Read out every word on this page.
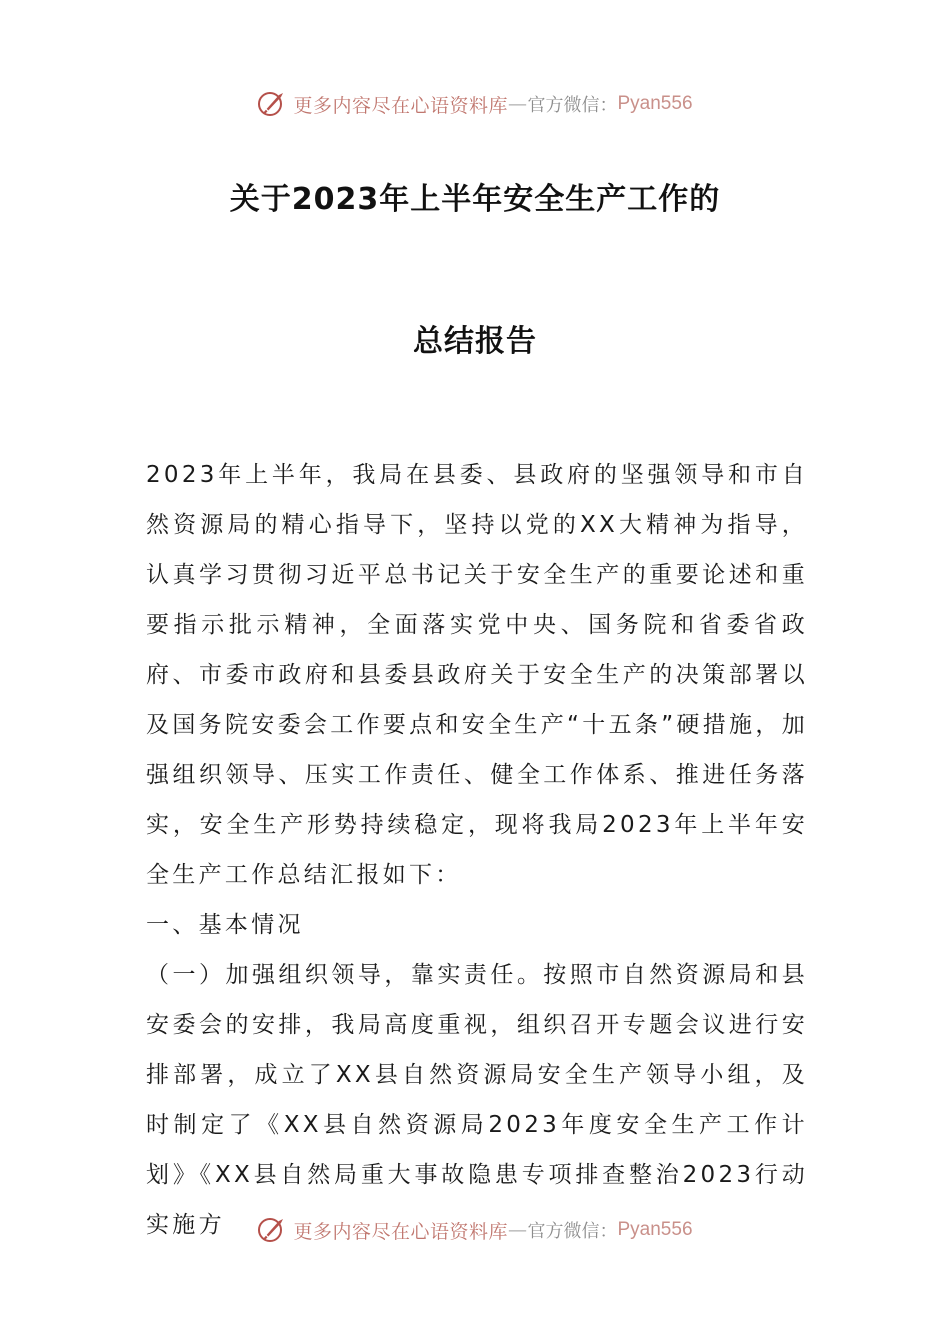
更多内容尽在心语资料库 — 官方微信： Pyan556
关于2023年上半年安全生产工作的
总结报告

2023年上半年，我局在县委、县政府的坚强领导和市自然资源局的精心指导下，坚持以党的XX大精神为指导，认真学习贯彻习近平总书记关于安全生产的重要论述和重要指示批示精神，全面落实党中央、国务院和省委省政府、市委市政府和县委县政府关于安全生产的决策部署以及国务院安委会工作要点和安全生产“十五条”硬措施，加强组织领导、压实工作责任、健全工作体系、推进任务落实，安全生产形势持续稳定，现将我局2023年上半年安全生产工作总结汇报如下：

一、基本情况

（一）加强组织领导，靠实责任。按照市自然资源局和县安委会的安排，我局高度重视，组织召开专题会议进行安排部署，成立了XX县自然资源局安全生产领导小组，及时制定了《XX县自然资源局2023年度安全生产工作计划》《XX县自然局重大事故隐患专项排查整治2023行动实施方	更多内容尽在心语资料库 — 官方微信： Pyan556
